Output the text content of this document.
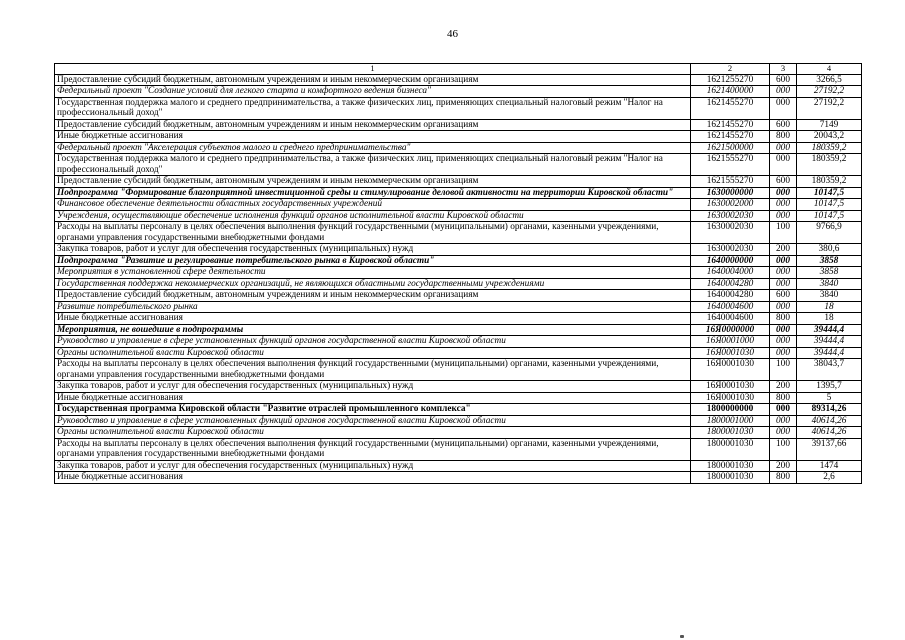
46
1	2	3	4
Предоставление субсидий бюджетным, автономным учреждениям и иным некоммерческим организациям	1621255270	600	3266,5
Федеральный проект "Создание условий для легкого старта и комфортного ведения бизнеса"	1621400000	000	27192,2
Государственная поддержка малого и среднего предпринимательства, а также физических лиц, применяющих специальный налоговый режим "Налог на профессиональный доход"	1621455270	000	27192,2
Предоставление субсидий бюджетным, автономным учреждениям и иным некоммерческим организациям	1621455270	600	7149
Иные бюджетные ассигнования	1621455270	800	20043,2
Федеральный проект "Акселерация субъектов малого и среднего предпринимательства"	1621500000	000	180359,2
Государственная поддержка малого и среднего предпринимательства, а также физических лиц, применяющих специальный налоговый режим "Налог на профессиональный доход"	1621555270	000	180359,2
Предоставление субсидий бюджетным, автономным учреждениям и иным некоммерческим организациям	1621555270	600	180359,2
Подпрограмма "Формирование благоприятной инвестиционной среды и стимулирование деловой активности на территории Кировской области"	1630000000	000	10147,5
Финансовое обеспечение деятельности областных государственных учреждений	1630002000	000	10147,5
Учреждения, осуществляющие обеспечение исполнения функций органов исполнительной власти Кировской области	1630002030	000	10147,5
Расходы на выплаты персоналу в целях обеспечения выполнения функций государственными (муниципальными) органами, казенными учреждениями, органами управления государственными внебюджетными фондами	1630002030	100	9766,9
Закупка товаров, работ и услуг для обеспечения государственных (муниципальных) нужд	1630002030	200	380,6
Подпрограмма "Развитие и регулирование потребительского рынка в Кировской области"	1640000000	000	3858
Мероприятия в установленной сфере деятельности	1640004000	000	3858
Государственная поддержка некоммерческих организаций, не являющихся областными государственными учреждениями	1640004280	000	3840
Предоставление субсидий бюджетным, автономным учреждениям и иным некоммерческим организациям	1640004280	600	3840
Развитие потребительского рынка	1640004600	000	18
Иные бюджетные ассигнования	1640004600	800	18
Мероприятия, не вошедшие в подпрограммы	16Я0000000	000	39444,4
Руководство и управление в сфере установленных функций органов государственной власти Кировской области	16Я0001000	000	39444,4
Органы исполнительной власти Кировской области	16Я0001030	000	39444,4
Расходы на выплаты персоналу в целях обеспечения выполнения функций государственными (муниципальными) органами, казенными учреждениями, органами управления государственными внебюджетными фондами	16Я0001030	100	38043,7
Закупка товаров, работ и услуг для обеспечения государственных (муниципальных) нужд	16Я0001030	200	1395,7
Иные бюджетные ассигнования	16Я0001030	800	5
Государственная программа Кировской области "Развитие отраслей промышленного комплекса"	1800000000	000	89314,26
Руководство и управление в сфере установленных функций органов государственной власти Кировской области	1800001000	000	40614,26
Органы исполнительной власти Кировской области	1800001030	000	40614,26
Расходы на выплаты персоналу в целях обеспечения выполнения функций государственными (муниципальными) органами, казенными учреждениями, органами управления государственными внебюджетными фондами	1800001030	100	39137,66
Закупка товаров, работ и услуг для обеспечения государственных (муниципальных) нужд	1800001030	200	1474
Иные бюджетные ассигнования	1800001030	800	2,6
